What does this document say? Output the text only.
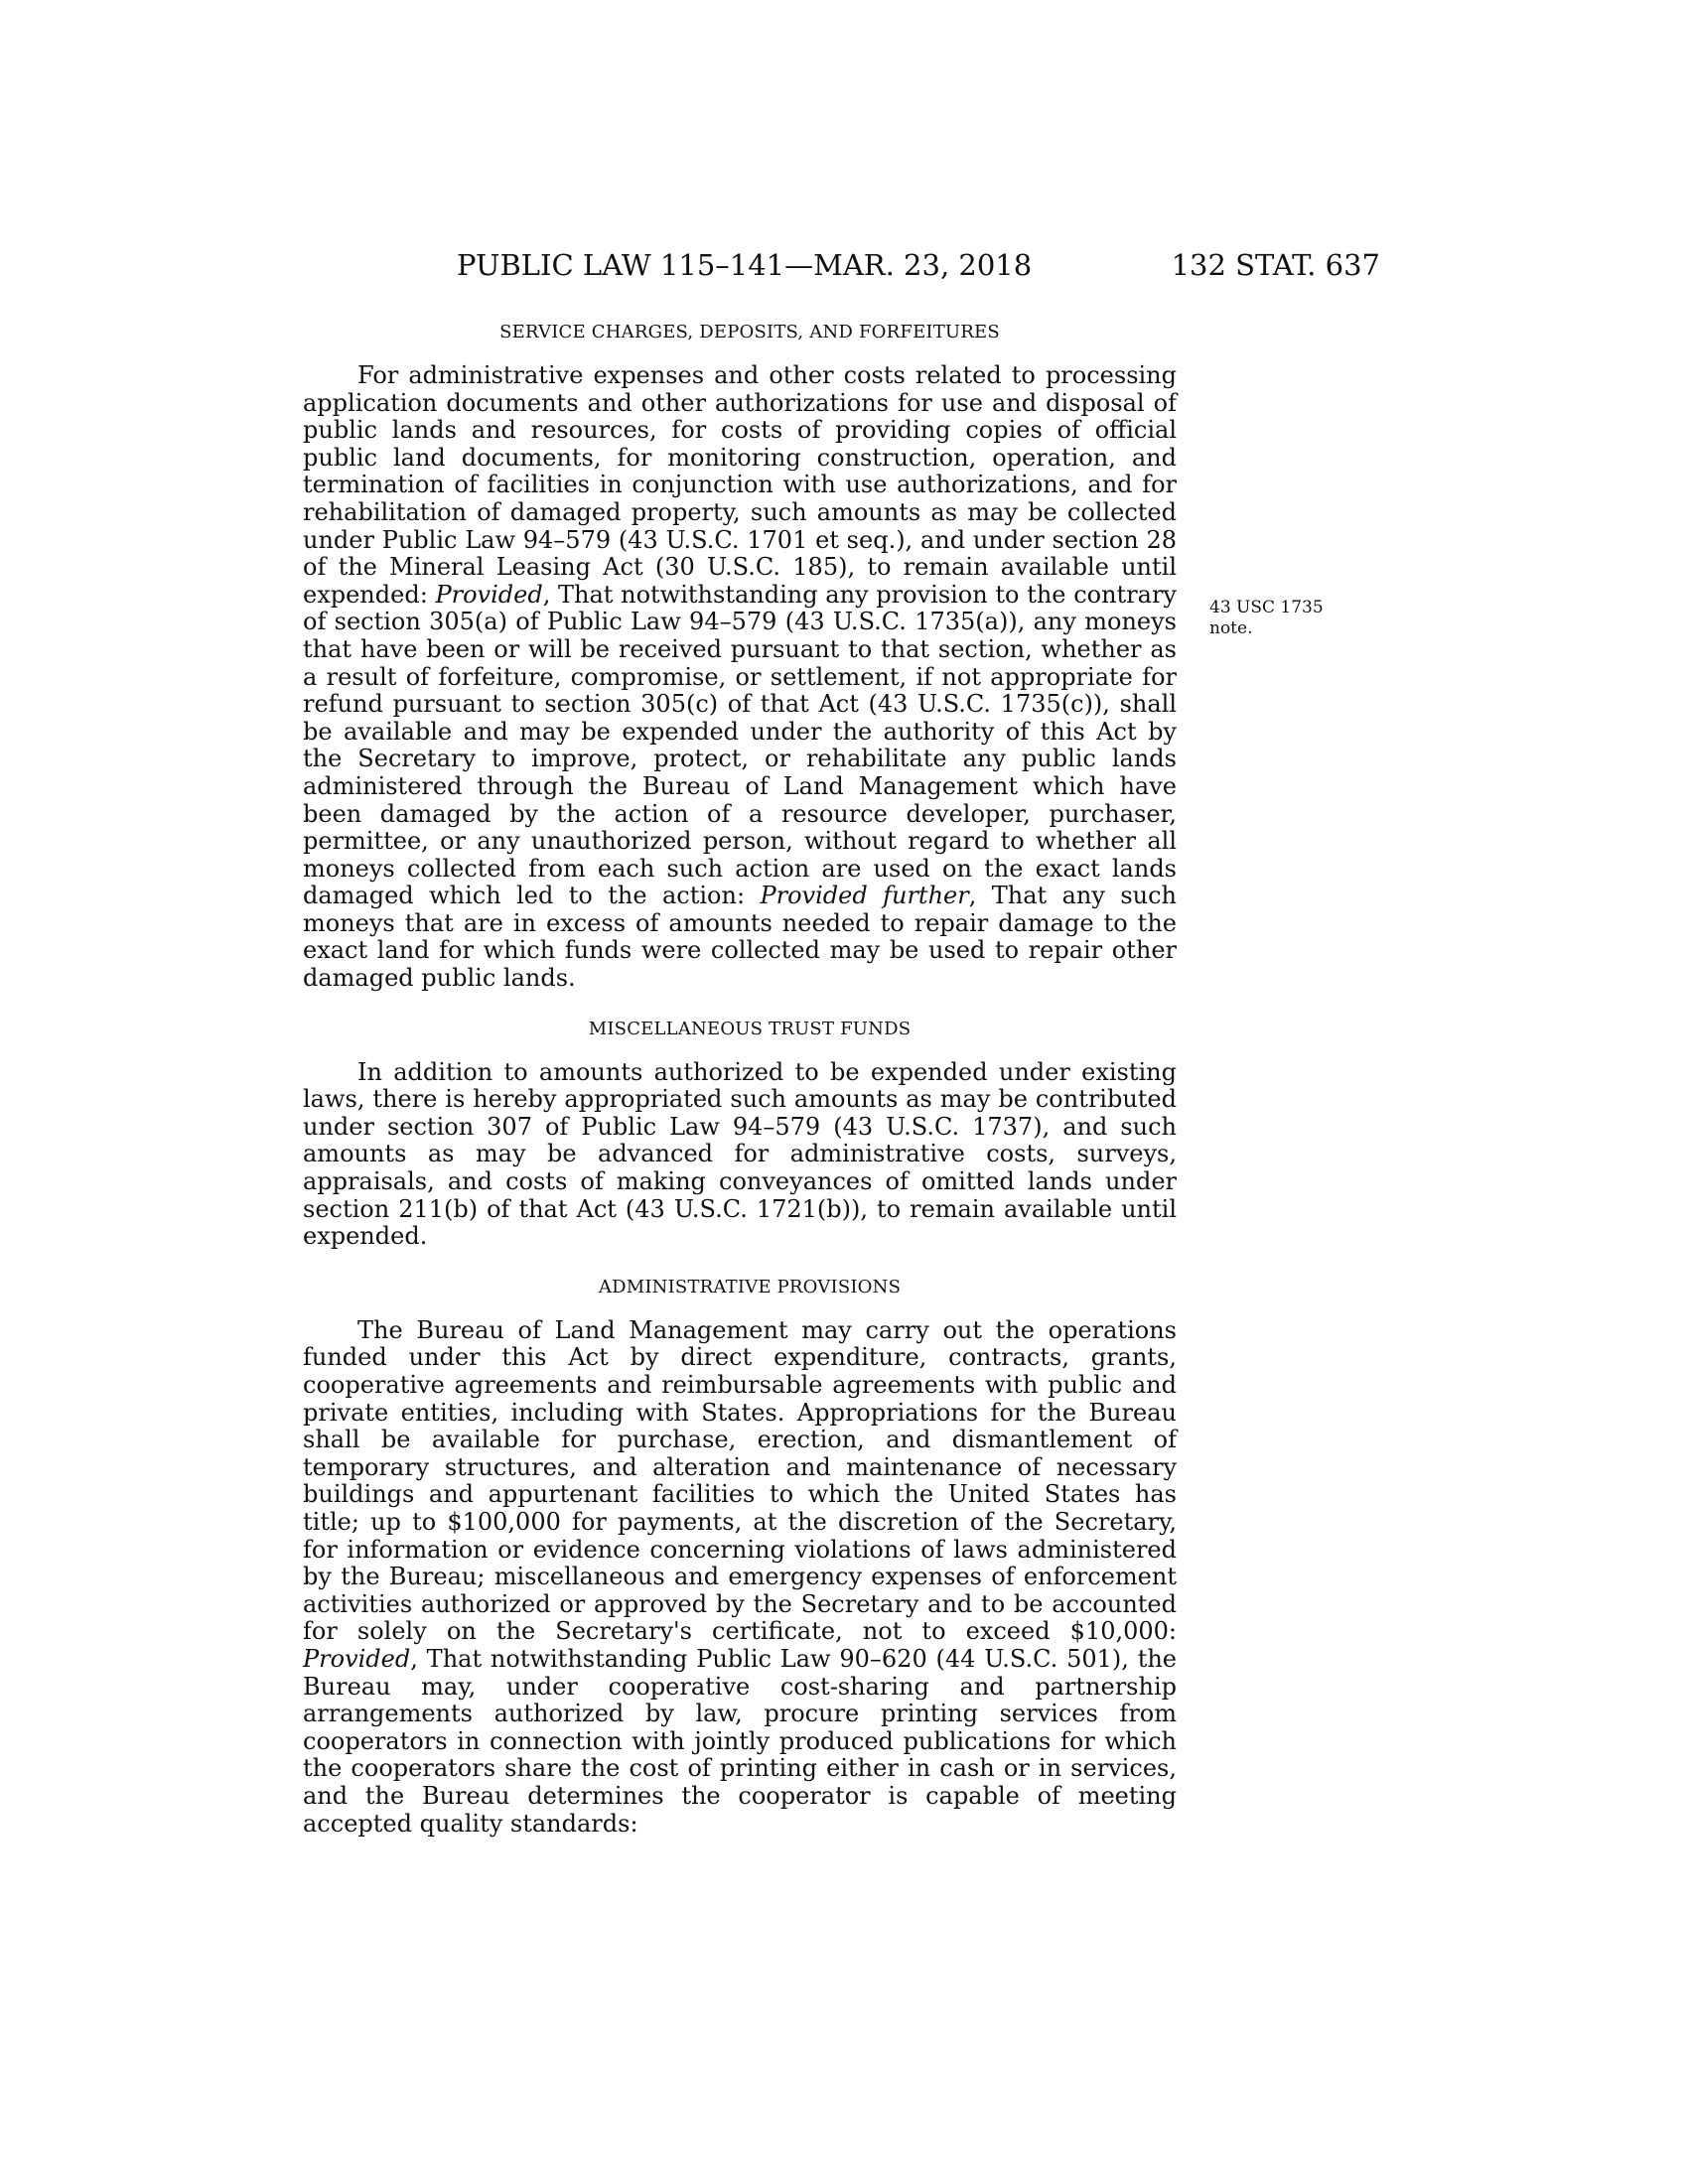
PUBLIC LAW 115–141—MAR. 23, 2018	132 STAT. 637
43 USC 1735
note.
SERVICE CHARGES, DEPOSITS, AND FORFEITURES

For administrative expenses and other costs related to processing application documents and other authorizations for use and disposal of public lands and resources, for costs of providing copies of official public land documents, for monitoring construction, operation, and termination of facilities in conjunction with use authorizations, and for rehabilitation of damaged property, such amounts as may be collected under Public Law 94–579 (43 U.S.C. 1701 et seq.), and under section 28 of the Mineral Leasing Act (30 U.S.C. 185), to remain available until expended: Provided, That notwithstanding any provision to the contrary of section 305(a) of Public Law 94–579 (43 U.S.C. 1735(a)), any moneys that have been or will be received pursuant to that section, whether as a result of forfeiture, compromise, or settlement, if not appropriate for refund pursuant to section 305(c) of that Act (43 U.S.C. 1735(c)), shall be available and may be expended under the authority of this Act by the Secretary to improve, protect, or rehabilitate any public lands administered through the Bureau of Land Management which have been damaged by the action of a resource developer, purchaser, permittee, or any unauthorized person, without regard to whether all moneys collected from each such action are used on the exact lands damaged which led to the action: Provided further, That any such moneys that are in excess of amounts needed to repair damage to the exact land for which funds were collected may be used to repair other damaged public lands.

MISCELLANEOUS TRUST FUNDS

In addition to amounts authorized to be expended under existing laws, there is hereby appropriated such amounts as may be contributed under section 307 of Public Law 94–579 (43 U.S.C. 1737), and such amounts as may be advanced for administrative costs, surveys, appraisals, and costs of making conveyances of omitted lands under section 211(b) of that Act (43 U.S.C. 1721(b)), to remain available until expended.

ADMINISTRATIVE PROVISIONS

The Bureau of Land Management may carry out the operations funded under this Act by direct expenditure, contracts, grants, cooperative agreements and reimbursable agreements with public and private entities, including with States. Appropriations for the Bureau shall be available for purchase, erection, and dismantlement of temporary structures, and alteration and maintenance of necessary buildings and appurtenant facilities to which the United States has title; up to $100,000 for payments, at the discretion of the Secretary, for information or evidence concerning violations of laws administered by the Bureau; miscellaneous and emergency expenses of enforcement activities authorized or approved by the Secretary and to be accounted for solely on the Secretary's certificate, not to exceed $10,000: Provided, That notwithstanding Public Law 90–620 (44 U.S.C. 501), the Bureau may, under cooperative cost-sharing and partnership arrangements authorized by law, procure printing services from cooperators in connection with jointly produced publications for which the cooperators share the cost of printing either in cash or in services, and the Bureau determines the cooperator is capable of meeting accepted quality standards:
